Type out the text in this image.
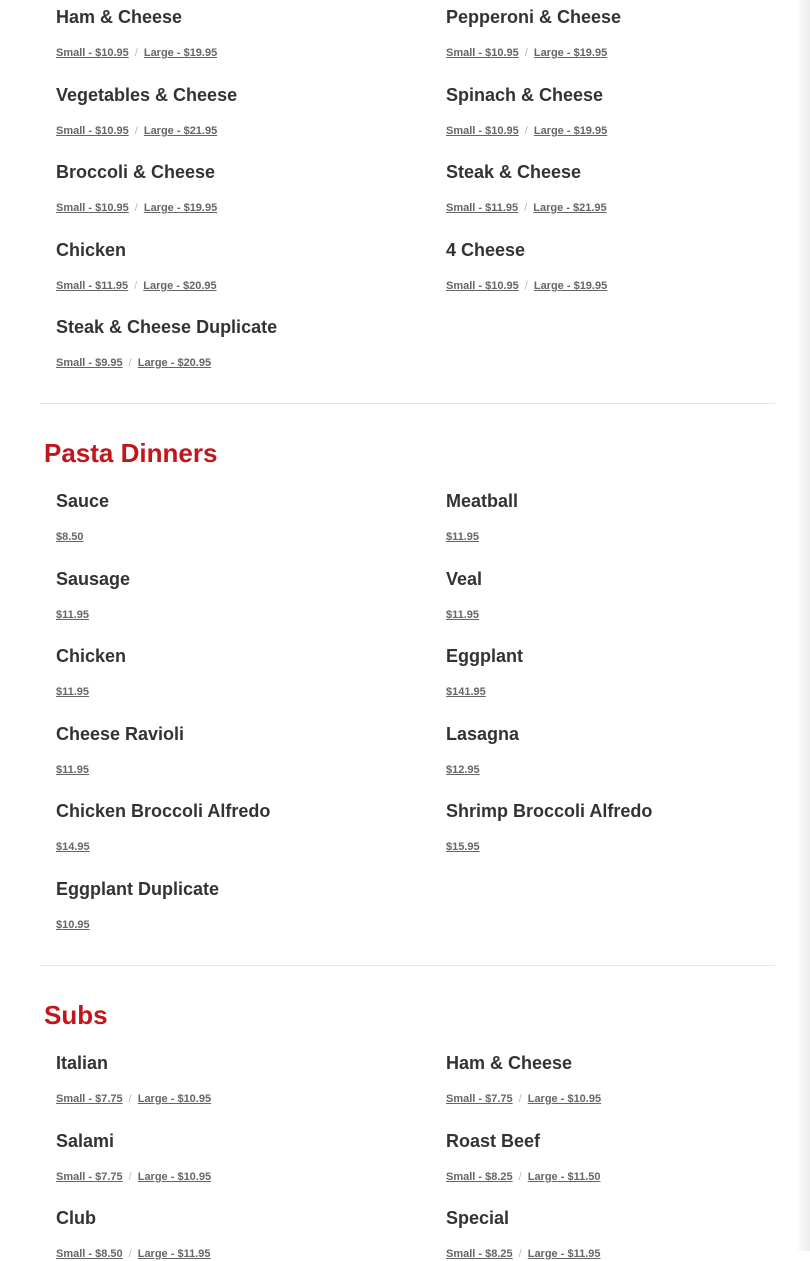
Ham & Cheese
Small - $10.95 / Large - $19.95
Pepperoni & Cheese
Small - $10.95 / Large - $19.95
Vegetables & Cheese
Small - $10.95 / Large - $21.95
Spinach & Cheese
Small - $10.95 / Large - $19.95
Broccoli & Cheese
Small - $10.95 / Large - $19.95
Steak & Cheese
Small - $11.95 / Large - $21.95
Chicken
Small - $11.95 / Large - $20.95
4 Cheese
Small - $10.95 / Large - $19.95
Steak & Cheese Duplicate
Small - $9.95 / Large - $20.95
Pasta Dinners
Sauce
$8.50
Meatball
$11.95
Sausage
$11.95
Veal
$11.95
Chicken
$11.95
Eggplant
$141.95
Cheese Ravioli
$11.95
Lasagna
$12.95
Chicken Broccoli Alfredo
$14.95
Shrimp Broccoli Alfredo
$15.95
Eggplant Duplicate
$10.95
Subs
Italian
Small - $7.75 / Large - $10.95
Ham & Cheese
Small - $7.75 / Large - $10.95
Salami
Small - $7.75 / Large - $10.95
Roast Beef
Small - $8.25 / Large - $11.50
Club
Small - $8.50 / Large - $11.95
Special
Small - $8.25 / Large - $11.95
